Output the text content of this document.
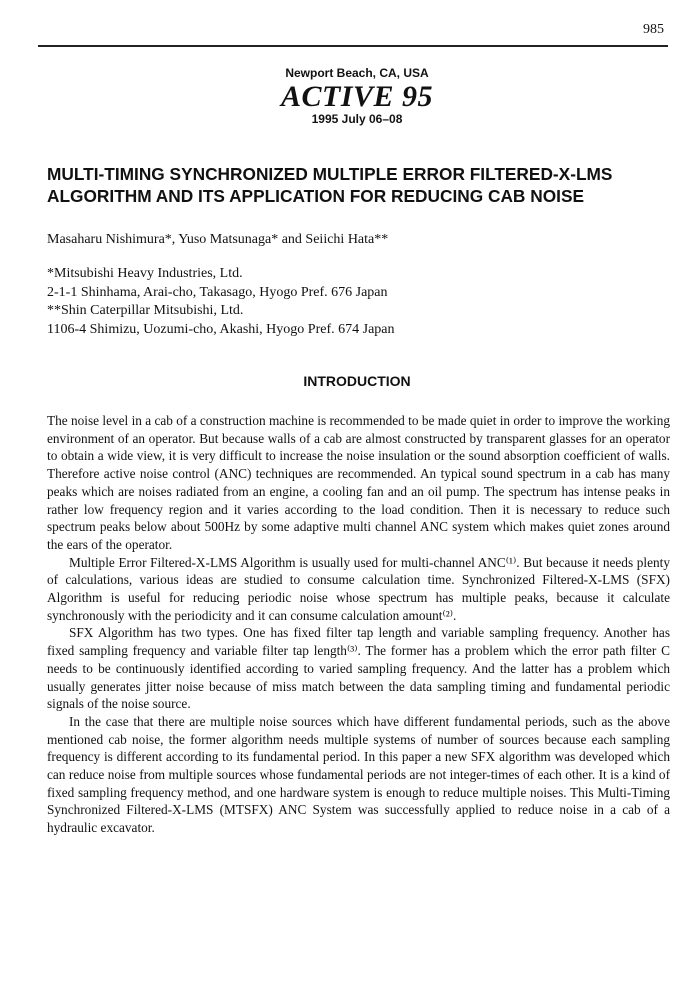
985
Newport Beach, CA, USA
ACTIVE 95
1995 July 06–08
MULTI-TIMING SYNCHRONIZED MULTIPLE ERROR FILTERED-X-LMS ALGORITHM AND ITS APPLICATION FOR REDUCING CAB NOISE
Masaharu Nishimura*, Yuso Matsunaga* and Seiichi Hata**
*Mitsubishi Heavy Industries, Ltd.
2-1-1 Shinhama, Arai-cho, Takasago, Hyogo Pref. 676 Japan
**Shin Caterpillar Mitsubishi, Ltd.
1106-4 Shimizu, Uozumi-cho, Akashi, Hyogo Pref. 674 Japan
INTRODUCTION

The noise level in a cab of a construction machine is recommended to be made quiet in order to improve the working environment of an operator. But because walls of a cab are almost constructed by transparent glasses for an operator to obtain a wide view, it is very difficult to increase the noise insulation or the sound absorption coefficient of walls. Therefore active noise control (ANC) techniques are recommended. An typical sound spectrum in a cab has many peaks which are noises radiated from an engine, a cooling fan and an oil pump. The spectrum has intense peaks in rather low frequency region and it varies according to the load condition. Then it is necessary to reduce such spectrum peaks below about 500Hz by some adaptive multi channel ANC system which makes quiet zones around the ears of the operator.

Multiple Error Filtered-X-LMS Algorithm is usually used for multi-channel ANC⁽¹⁾. But because it needs plenty of calculations, various ideas are studied to consume calculation time. Synchronized Filtered-X-LMS (SFX) Algorithm is useful for reducing periodic noise whose spectrum has multiple peaks, because it calculate synchronously with the periodicity and it can consume calculation amount⁽²⁾.

SFX Algorithm has two types. One has fixed filter tap length and variable sampling frequency. Another has fixed sampling frequency and variable filter tap length⁽³⁾. The former has a problem which the error path filter C needs to be continuously identified according to varied sampling frequency. And the latter has a problem which usually generates jitter noise because of miss match between the data sampling timing and fundamental periodic signals of the noise source.

In the case that there are multiple noise sources which have different fundamental periods, such as the above mentioned cab noise, the former algorithm needs multiple systems of number of sources because each sampling frequency is different according to its fundamental period. In this paper a new SFX algorithm was developed which can reduce noise from multiple sources whose fundamental periods are not integer-times of each other. It is a kind of fixed sampling frequency method, and one hardware system is enough to reduce multiple noises. This Multi-Timing Synchronized Filtered-X-LMS (MTSFX) ANC System was successfully applied to reduce noise in a cab of a hydraulic excavator.
